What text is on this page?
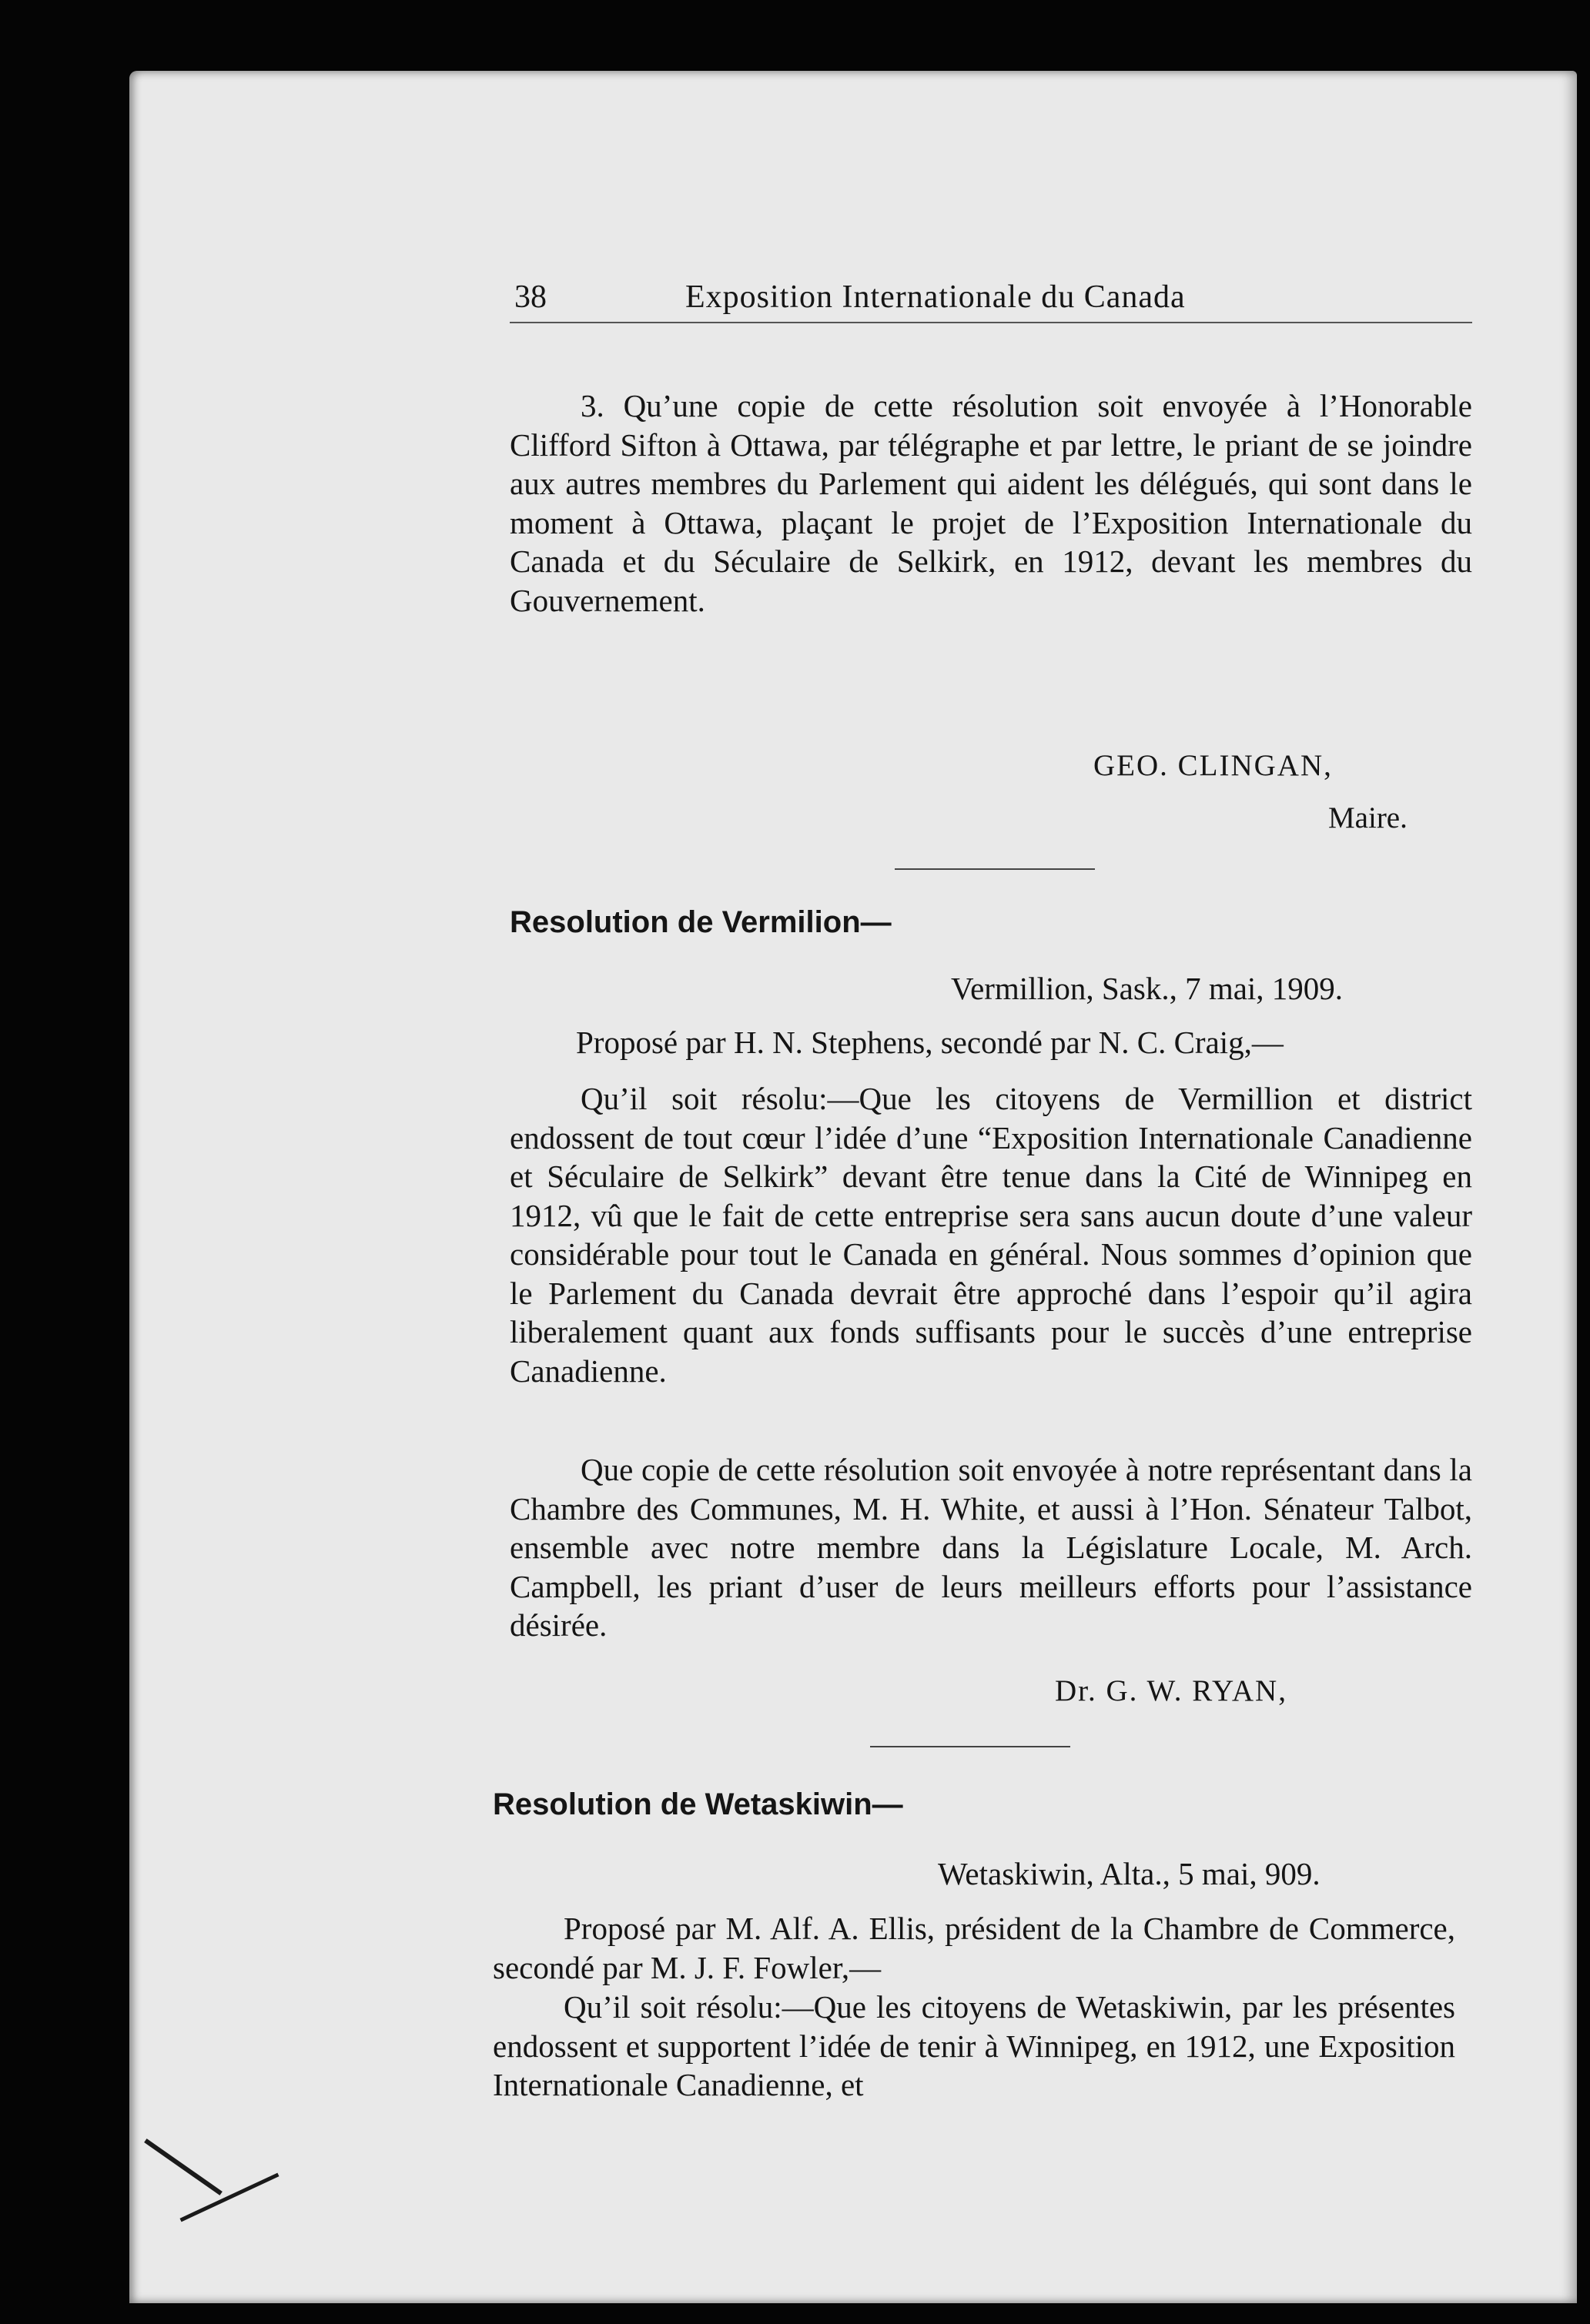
38	Exposition Internationale du Canada

3. Qu’une copie de cette résolution soit envoyée à l’Honorable Clifford Sifton à Ottawa, par télégraphe et par lettre, le priant de se joindre aux autres membres du Parlement qui aident les délégués, qui sont dans le moment à Ottawa, plaçant le projet de l’Exposition Internationale du Canada et du Séculaire de Selkirk, en 1912, devant les membres du Gouvernement.

GEO. CLINGAN,
Maire.
Resolution de Vermilion—
Vermillion, Sask., 7 mai, 1909.
Proposé par H. N. Stephens, secondé par N. C. Craig,—

Qu’il soit résolu:—Que les citoyens de Vermillion et district endossent de tout cœur l’idée d’une “Exposition Internationale Canadienne et Séculaire de Selkirk” devant être tenue dans la Cité de Winnipeg en 1912, vû que le fait de cette entreprise sera sans aucun doute d’une valeur considérable pour tout le Canada en général. Nous sommes d’opinion que le Parlement du Canada devrait être approché dans l’espoir qu’il agira liberalement quant aux fonds suffisants pour le succès d’une entreprise Canadienne.

Que copie de cette résolution soit envoyée à notre représentant dans la Chambre des Communes, M. H. White, et aussi à l’Hon. Sénateur Talbot, ensemble avec notre membre dans la Législature Locale, M. Arch. Campbell, les priant d’user de leurs meilleurs efforts pour l’assistance désirée.

Dr. G. W. RYAN,
Resolution de Wetaskiwin—
Wetaskiwin, Alta., 5 mai, 909.

Proposé par M. Alf. A. Ellis, président de la Chambre de Commerce, secondé par M. J. F. Fowler,—

Qu’il soit résolu:—Que les citoyens de Wetaskiwin, par les présentes endossent et supportent l’idée de tenir à Winnipeg, en 1912, une Exposition Internationale Canadienne, et
